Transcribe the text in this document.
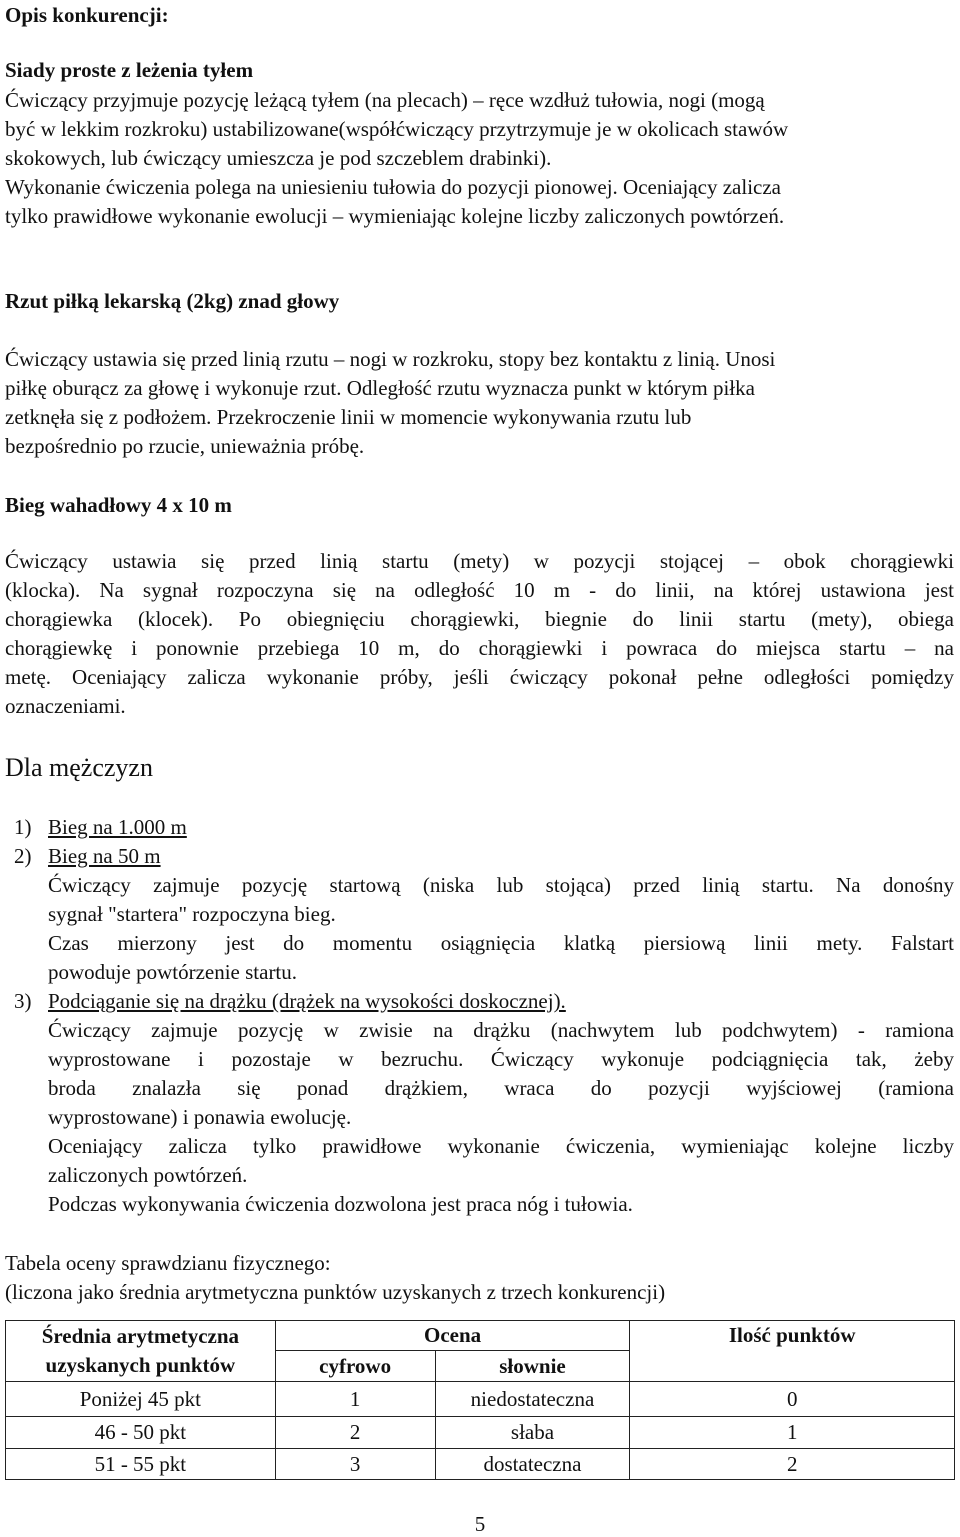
Opis konkurencji:
Siady proste z leżenia tyłem
Ćwiczący przyjmuje pozycję leżącą tyłem (na plecach) – ręce wzdłuż tułowia, nogi (mogą
być w lekkim rozkroku) ustabilizowane(współćwiczący przytrzymuje je w okolicach stawów
skokowych, lub ćwiczący umieszcza je pod szczeblem drabinki).
Wykonanie ćwiczenia polega na uniesieniu tułowia do pozycji pionowej. Oceniający zalicza
tylko prawidłowe wykonanie ewolucji – wymieniając kolejne liczby zaliczonych powtórzeń.
Rzut piłką lekarską (2kg) znad głowy
Ćwiczący ustawia się przed linią rzutu – nogi w rozkroku, stopy bez kontaktu z linią. Unosi
piłkę oburącz za głowę i wykonuje rzut. Odległość rzutu wyznacza punkt w którym piłka
zetknęła się z podłożem. Przekroczenie linii w momencie wykonywania rzutu lub
bezpośrednio po rzucie, unieważnia próbę.
Bieg wahadłowy 4 x 10 m
Ćwiczący ustawia się przed linią startu (mety) w pozycji stojącej – obok chorągiewki
(klocka). Na sygnał rozpoczyna się na odległość 10 m - do linii, na której ustawiona jest
chorągiewka (klocek). Po obiegnięciu chorągiewki, biegnie do linii startu (mety), obiega
chorągiewkę i ponownie przebiega 10 m, do chorągiewki i powraca do miejsca startu – na
metę. Oceniający zalicza wykonanie próby, jeśli ćwiczący pokonał pełne odległości pomiędzy
oznaczeniami.
Dla mężczyzn
1) Bieg na 1.000 m
2) Bieg na 50 m
Ćwiczący zajmuje pozycję startową (niska lub stojąca) przed linią startu. Na donośny
sygnał "startera" rozpoczyna bieg.
Czas mierzony jest do momentu osiągnięcia klatką piersiową linii mety. Falstart
powoduje powtórzenie startu.
3) Podciąganie się na drążku (drążek na wysokości doskocznej).
Ćwiczący zajmuje pozycję w zwisie na drążku (nachwytem lub podchwytem) - ramiona
wyprostowane i pozostaje w bezruchu. Ćwiczący wykonuje podciągnięcia tak, żeby
broda znalazła się ponad drążkiem, wraca do pozycji wyjściowej (ramiona
wyprostowane) i ponawia ewolucję.
Oceniający zalicza tylko prawidłowe wykonanie ćwiczenia, wymieniając kolejne liczby
zaliczonych powtórzeń.
Podczas wykonywania ćwiczenia dozwolona jest praca nóg i tułowia.
Tabela oceny sprawdzianu fizycznego:
(liczona jako średnia arytmetyczna punktów uzyskanych z trzech konkurencji)
Średnia arytmetyczna
uzyskanych punktów	Ocena		Ilość punktów
	cyfrowo	słownie	
Poniżej 45 pkt	1	niedostateczna	0
46 - 50 pkt	2	słaba	1
51 - 55 pkt	3	dostateczna	2
5
